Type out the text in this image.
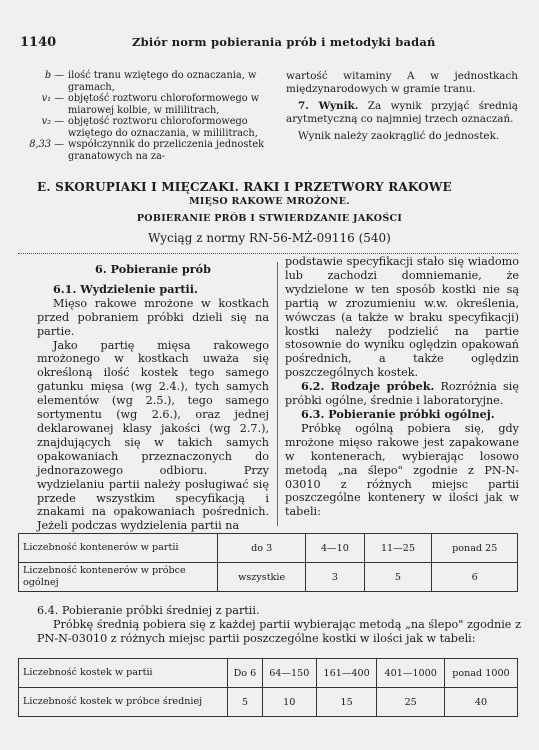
1140	Zbiór norm pobierania prób i metodyki badań
b — ilość tranu wziętego do oznaczania, w gramach,
v₁ — objętość roztworu chloroformowego w miarowej kolbie, w mililitrach,
v₂ — objętość roztworu chloroformowego wziętego do oznaczania, w mililitrach,
8,33 — współczynnik do przeliczenia jednostek granatowych na za-

wartość witaminy A w jednostkach międzynarodowych w gramie tranu.

7. Wynik. Za wynik przyjąć średnią arytmetyczną co najmniej trzech oznaczań.

Wynik należy zaokrąglić do jednostek.

E. SKORUPIAKI I MIĘCZAKI. RAKI I PRZETWORY RAKOWE
MIĘSO RAKOWE MROŻONE.
POBIERANIE PRÓB I STWIERDZANIE JAKOŚCI
Wyciąg z normy RN-56-MŻ-09116 (540)

6. Pobieranie prób

6.1. Wydzielenie partii.

Mięso rakowe mrożone w kostkach przed pobraniem próbki dzieli się na partie.

Jako partię mięsa rakowego mrożonego w kostkach uważa się określoną ilość kostek tego samego gatunku mięsa (wg 2.4.), tych samych elementów (wg 2.5.), tego samego sortymentu (wg 2.6.), oraz jednej deklarowanej klasy jakości (wg 2.7.), znajdujących się w takich samych opakowaniach przeznaczonych do jednorazowego odbioru. Przy wydzielaniu partii należy posługiwać się przede wszystkim specyfikacją i znakami na opakowaniach pośrednich. Jeżeli podczas wydzielenia partii na

podstawie specyfikacji stało się wiadomo lub zachodzi domniemanie, że wydzielone w ten sposób kostki nie są partią w zrozumieniu w.w. określenia, wówczas (a także w braku specyfikacji) kostki należy podzielić na partie stosownie do wyniku oględzin opakowań pośrednich, a także oględzin poszczególnych kostek.

6.2. Rodzaje próbek. Rozróżnia się próbki ogólne, średnie i laboratoryjne.

6.3. Pobieranie próbki ogólnej.

Próbkę ogólną pobiera się, gdy mrożone mięso rakowe jest zapakowane w kontenerach, wybierając losowo metodą „na ślepo" zgodnie z PN-N-03010 z różnych miejsc partii poszczególne kontenery w ilości jak w tabeli:

Liczebność kontenerów w partii	do 3	4—10	11—25	ponad 25
Liczebność kontenerów w próbce ogólnej	wszystkie	3	5	6

6.4. Pobieranie próbki średniej z partii.

Próbkę średnią pobiera się z każdej partii wybierając metodą „na ślepo" zgodnie z PN-N-03010 z różnych miejsc partii poszczególne kostki w ilości jak w tabeli:

Liczebność kostek w partii	Do 6	64—150	161—400	401—1000	ponad 1000
Liczebność kostek w próbce średniej	5	10	15	25	40
